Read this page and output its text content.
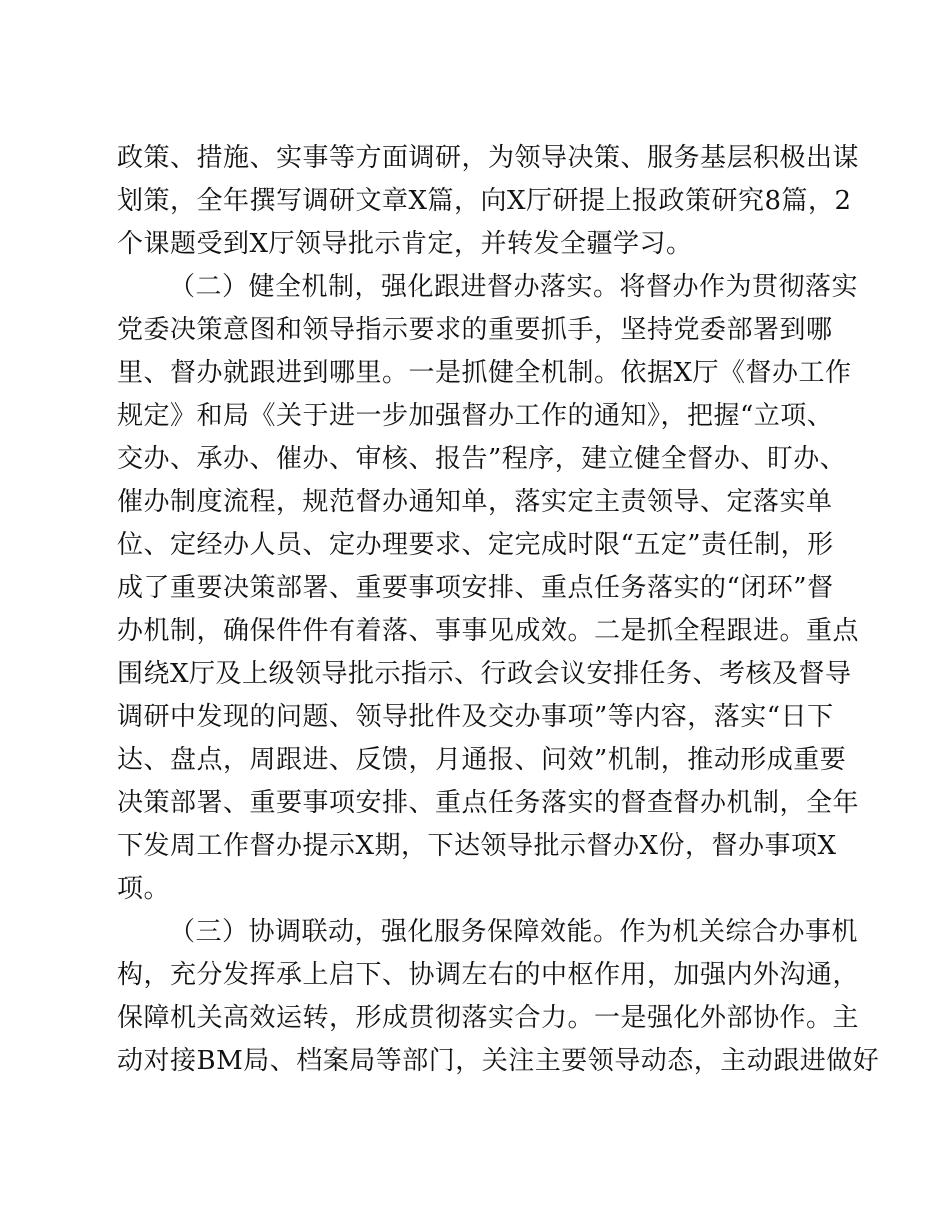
政策、措施、实事等方面调研，为领导决策、服务基层积极出谋
划策，全年撰写调研文章X篇，向X厅研提上报政策研究8篇，2
个课题受到X厅领导批示肯定，并转发全疆学习。
（二）健全机制，强化跟进督办落实。将督办作为贯彻落实
党委决策意图和领导指示要求的重要抓手，坚持党委部署到哪
里、督办就跟进到哪里。一是抓健全机制。依据X厅《督办工作
规定》和局《关于进一步加强督办工作的通知》，把握“立项、
交办、承办、催办、审核、报告”程序，建立健全督办、盯办、
催办制度流程，规范督办通知单，落实定主责领导、定落实单
位、定经办人员、定办理要求、定完成时限“五定”责任制，形
成了重要决策部署、重要事项安排、重点任务落实的“闭环”督
办机制，确保件件有着落、事事见成效。二是抓全程跟进。重点
围绕X厅及上级领导批示指示、行政会议安排任务、考核及督导
调研中发现的问题、领导批件及交办事项”等内容，落实“日下
达、盘点，周跟进、反馈，月通报、问效”机制，推动形成重要
决策部署、重要事项安排、重点任务落实的督查督办机制，全年
下发周工作督办提示X期，下达领导批示督办X份，督办事项X
项。
（三）协调联动，强化服务保障效能。作为机关综合办事机
构，充分发挥承上启下、协调左右的中枢作用，加强内外沟通，
保障机关高效运转，形成贯彻落实合力。一是强化外部协作。主
动对接BM局、档案局等部门，关注主要领导动态，主动跟进做好
